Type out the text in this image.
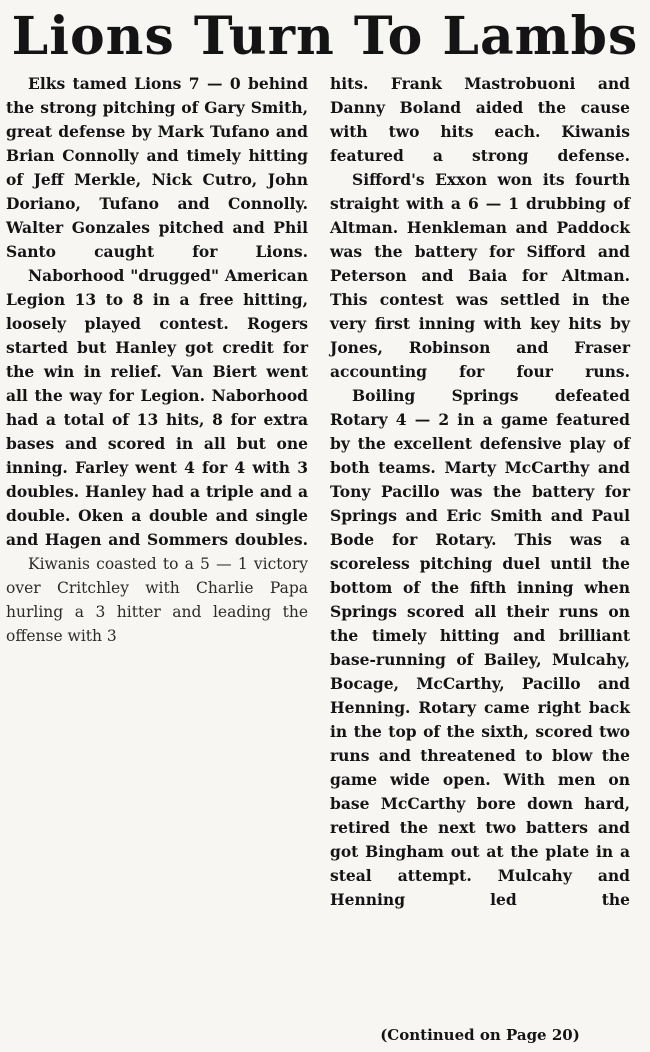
Lions Turn To Lambs

Elks tamed Lions 7 — 0 behind the strong pitching of Gary Smith, great defense by Mark Tufano and Brian Connolly and timely hitting of Jeff Merkle, Nick Cutro, John Doriano, Tufano and Connolly. Walter Gonzales pitched and Phil Santo caught for Lions.

Naborhood "drugged" American Legion 13 to 8 in a free hitting, loosely played contest. Rogers started but Hanley got credit for the win in relief. Van Biert went all the way for Legion. Naborhood had a total of 13 hits, 8 for extra bases and scored in all but one inning. Farley went 4 for 4 with 3 doubles. Hanley had a triple and a double. Oken a double and single and Hagen and Sommers doubles.

Kiwanis coasted to a 5 — 1 victory over Critchley with Charlie Papa hurling a 3 hitter and leading the offense with 3

hits. Frank Mastrobuoni and Danny Boland aided the cause with two hits each. Kiwanis featured a strong defense.

Sifford's Exxon won its fourth straight with a 6 — 1 drubbing of Altman. Henkleman and Paddock was the battery for Sifford and Peterson and Baia for Altman. This contest was settled in the very first inning with key hits by Jones, Robinson and Fraser accounting for four runs.

Boiling Springs defeated Rotary 4 — 2 in a game featured by the excellent defensive play of both teams. Marty McCarthy and Tony Pacillo was the battery for Springs and Eric Smith and Paul Bode for Rotary. This was a scoreless pitching duel until the bottom of the fifth inning when Springs scored all their runs on the timely hitting and brilliant base-running of Bailey, Mulcahy, Bocage, McCarthy, Pacillo and Henning. Rotary came right back in the top of the sixth, scored two runs and threatened to blow the game wide open. With men on base McCarthy bore down hard, retired the next two batters and got Bingham out at the plate in a steal attempt. Mulcahy and Henning led the

(Continued on Page 20)
